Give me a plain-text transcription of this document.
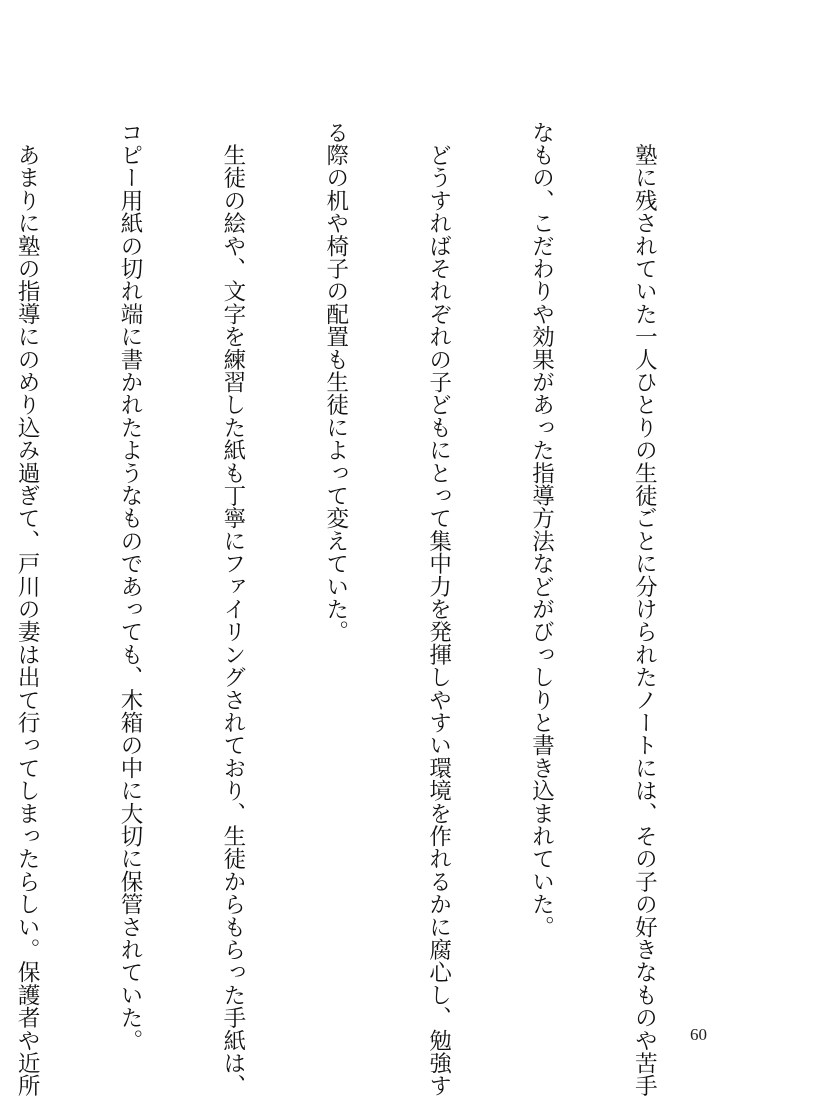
　塾に残されていた一人ひとりの生徒ごとに分けられたノートには、その子の好きなものや苦手

なもの、こだわりや効果があった指導方法などがびっしりと書き込まれていた。

　どうすればそれぞれの子どもにとって集中力を発揮しやすい環境を作れるかに腐心し、勉強す

る際の机や椅子の配置も生徒によって変えていた。

　生徒の絵や、文字を練習した紙も丁寧にファイリングされており、生徒からもらった手紙は、

コピー用紙の切れ端に書かれたようなものであっても、木箱の中に大切に保管されていた。

　あまりに塾の指導にのめり込み過ぎて、戸川の妻は出て行ってしまったらしい。保護者や近所

	60
